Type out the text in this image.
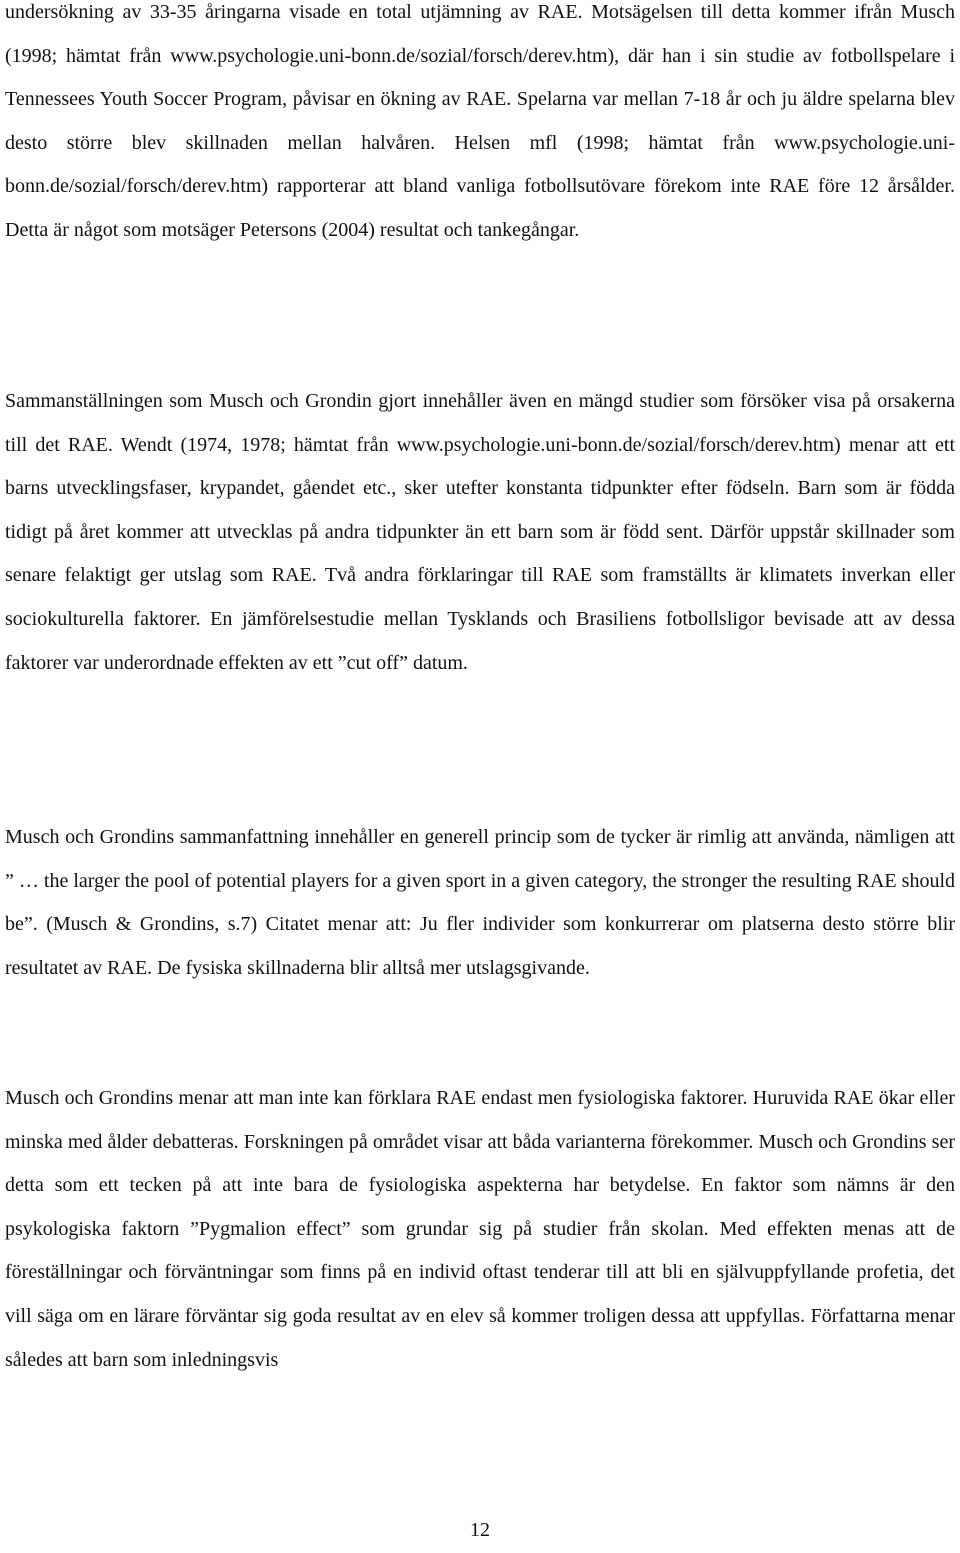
undersökning av 33-35 åringarna visade en total utjämning av RAE. Motsägelsen till detta kommer ifrån Musch (1998; hämtat från www.psychologie.uni-bonn.de/sozial/forsch/derev.htm), där han i sin studie av fotbollspelare i Tennessees Youth Soccer Program, påvisar en ökning av RAE. Spelarna var mellan 7-18 år och ju äldre spelarna blev desto större blev skillnaden mellan halvåren. Helsen mfl (1998; hämtat från www.psychologie.uni-bonn.de/sozial/forsch/derev.htm) rapporterar att bland vanliga fotbollsutövare förekom inte RAE före 12 årsålder. Detta är något som motsäger Petersons (2004) resultat och tankegångar.

Sammanställningen som Musch och Grondin gjort innehåller även en mängd studier som försöker visa på orsakerna till det RAE. Wendt (1974, 1978; hämtat från www.psychologie.uni-bonn.de/sozial/forsch/derev.htm) menar att ett barns utvecklingsfaser, krypandet, gåendet etc., sker utefter konstanta tidpunkter efter födseln. Barn som är födda tidigt på året kommer att utvecklas på andra tidpunkter än ett barn som är född sent. Därför uppstår skillnader som senare felaktigt ger utslag som RAE. Två andra förklaringar till RAE som framställts är klimatets inverkan eller sociokulturella faktorer. En jämförelsestudie mellan Tysklands och Brasiliens fotbollsligor bevisade att av dessa faktorer var underordnade effekten av ett ”cut off” datum.

Musch och Grondins sammanfattning innehåller en generell princip som de tycker är rimlig att använda, nämligen att ” … the larger the pool of potential players for a given sport in a given category, the stronger the resulting RAE should be”. (Musch & Grondins, s.7) Citatet menar att: Ju fler individer som konkurrerar om platserna desto större blir resultatet av RAE. De fysiska skillnaderna blir alltså mer utslagsgivande.

Musch och Grondins menar att man inte kan förklara RAE endast men fysiologiska faktorer. Huruvida RAE ökar eller minska med ålder debatteras. Forskningen på området visar att båda varianterna förekommer. Musch och Grondins ser detta som ett tecken på att inte bara de fysiologiska aspekterna har betydelse. En faktor som nämns är den psykologiska faktorn ”Pygmalion effect” som grundar sig på studier från skolan. Med effekten menas att de föreställningar och förväntningar som finns på en individ oftast tenderar till att bli en självuppfyllande profetia, det vill säga om en lärare förväntar sig goda resultat av en elev så kommer troligen dessa att uppfyllas. Författarna menar således att barn som inledningsvis

12
